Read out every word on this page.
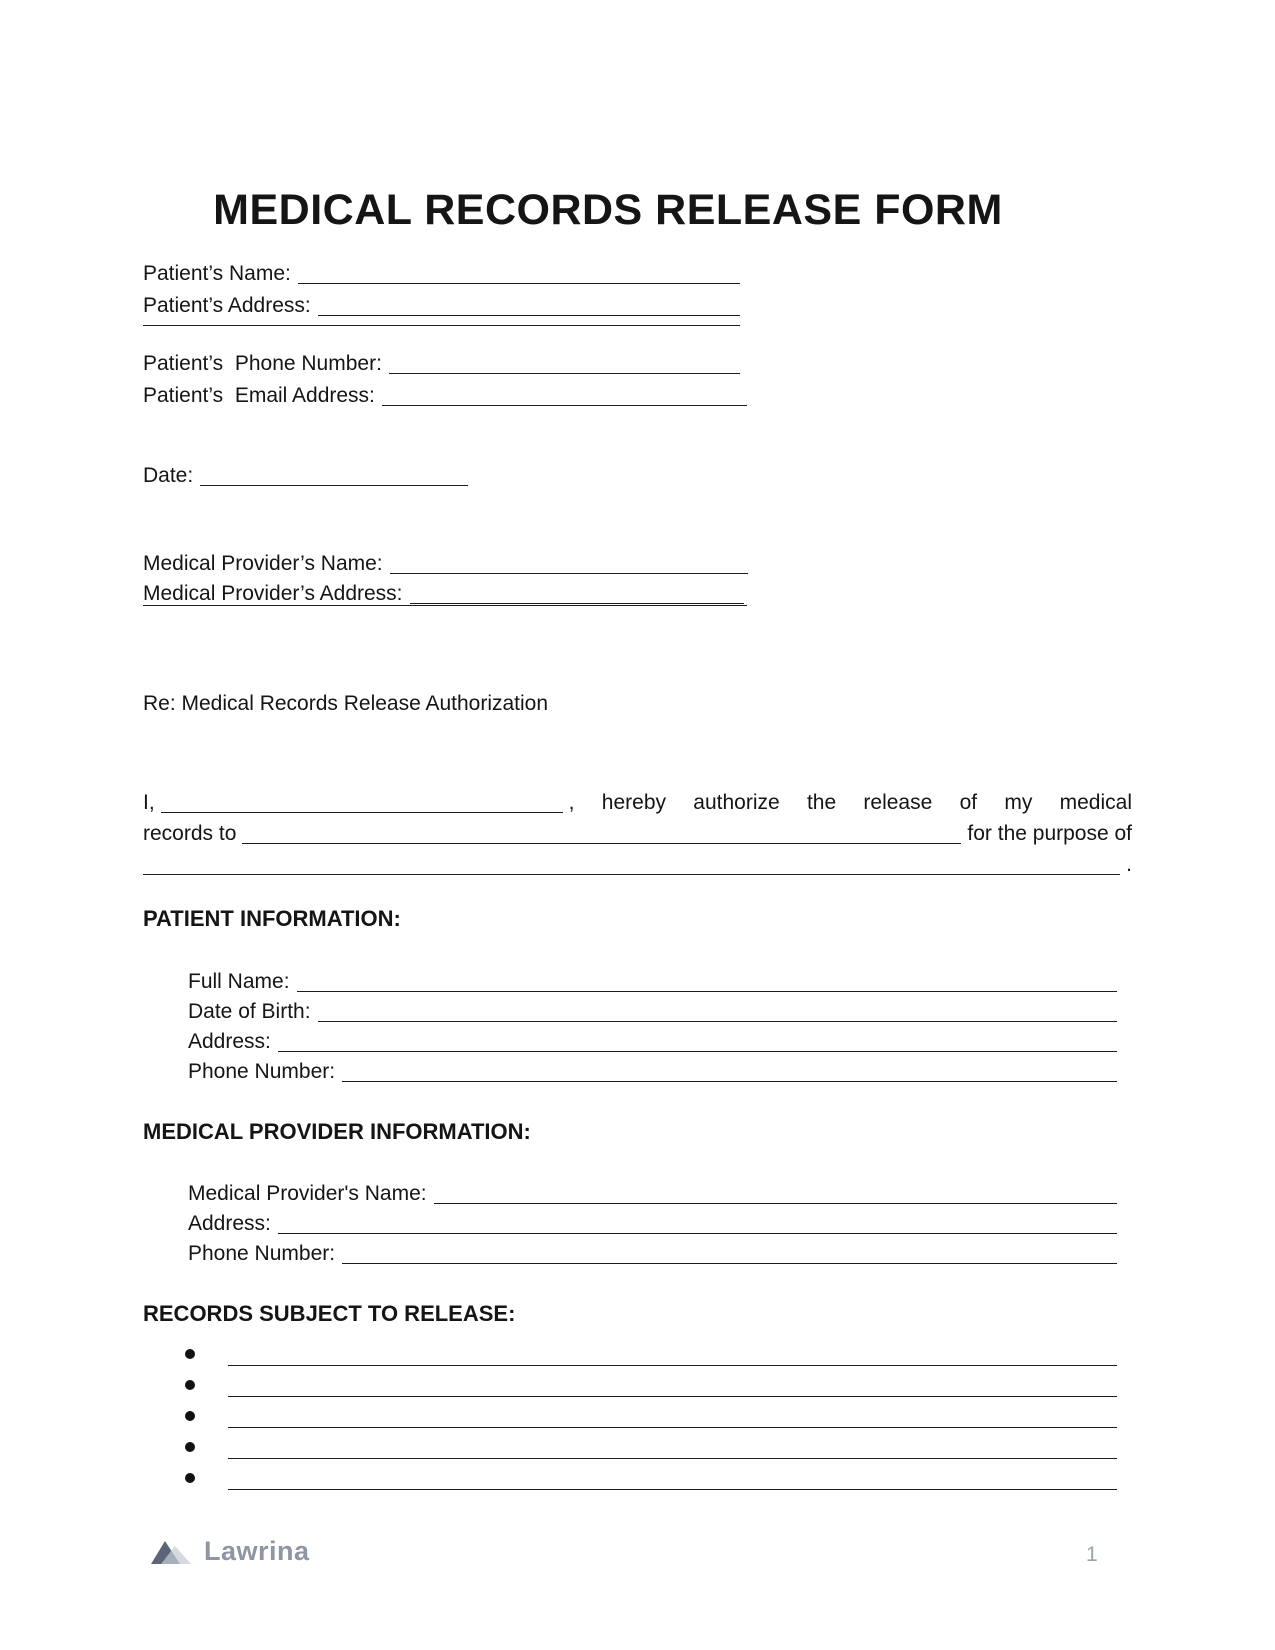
MEDICAL RECORDS RELEASE FORM
Patient’s Name:
Patient’s Address:
Patient’s  Phone Number:
Patient’s  Email Address:
Date:
Medical Provider’s Name:
Medical Provider’s Address:
Re: Medical Records Release Authorization
I,	, hereby authorize the release of my medical
records to	for the purpose of
.
PATIENT INFORMATION:
Full Name:
Date of Birth:
Address:
Phone Number:
MEDICAL PROVIDER INFORMATION:
Medical Provider's Name:
Address:
Phone Number:
RECORDS SUBJECT TO RELEASE:
Lawrina	1
